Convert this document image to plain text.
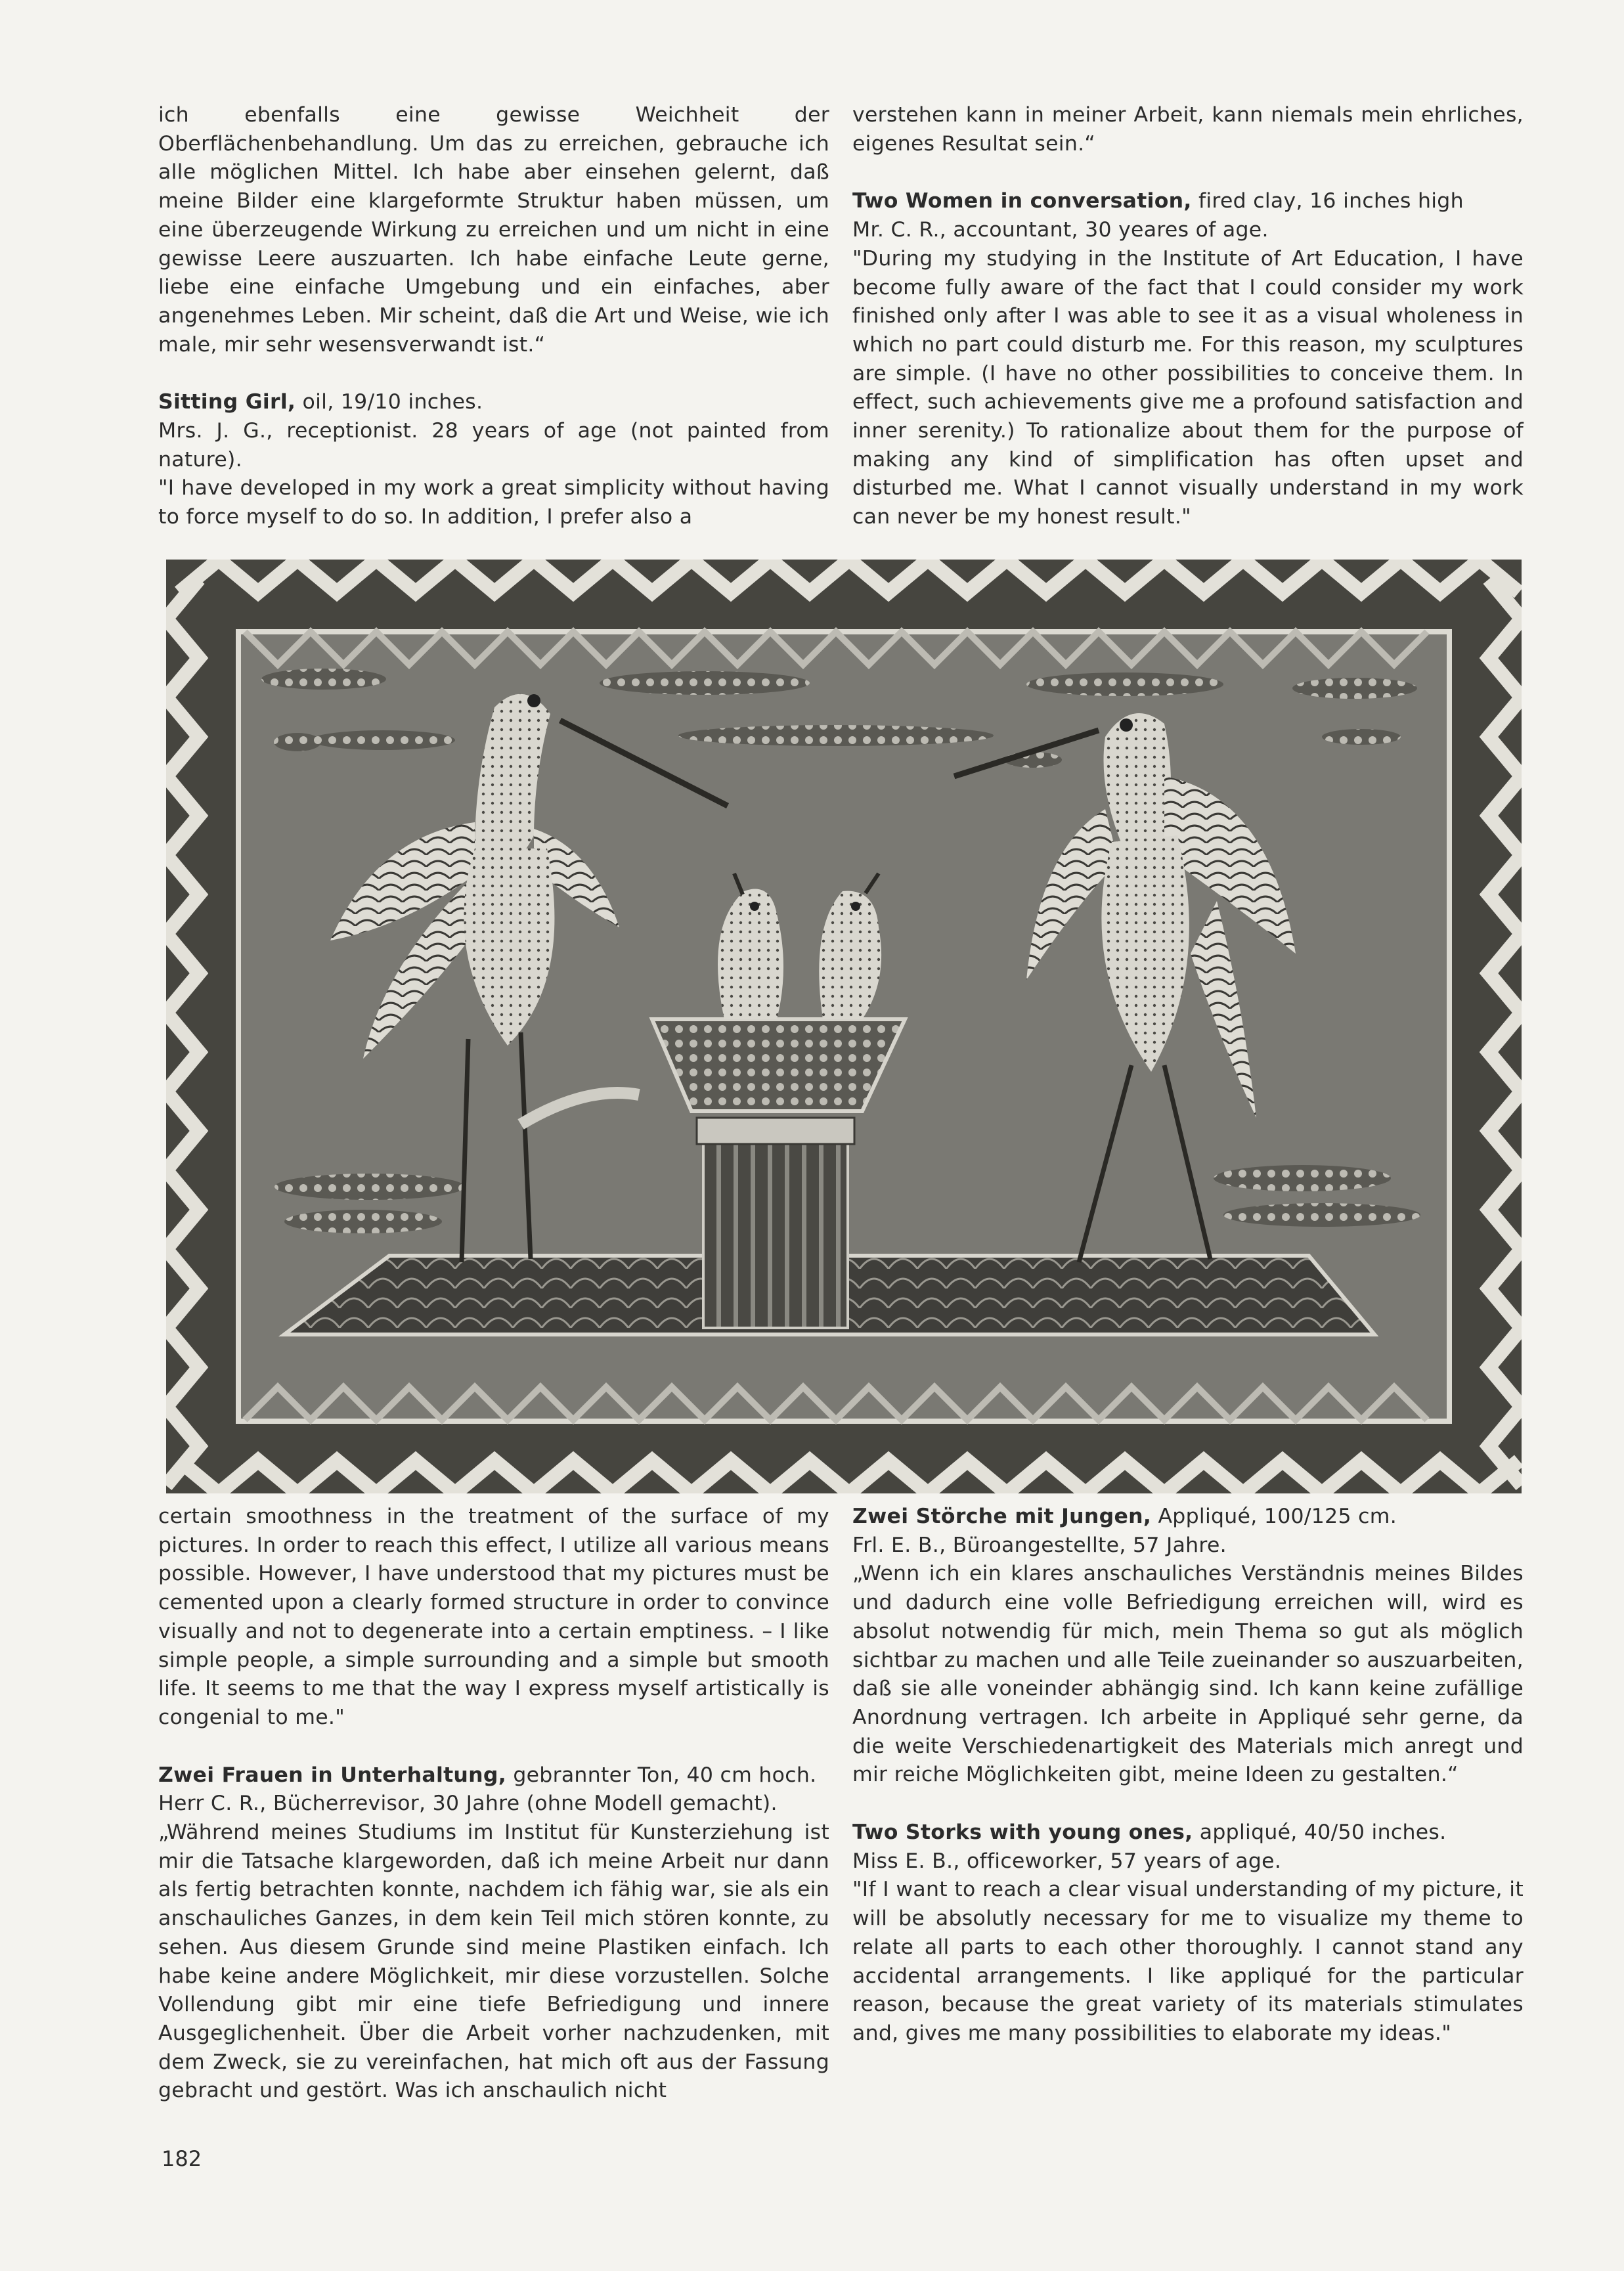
ich ebenfalls eine gewisse Weichheit der Oberflächenbehandlung. Um das zu erreichen, gebrauche ich alle möglichen Mittel. Ich habe aber einsehen gelernt, daß meine Bilder eine klargeformte Struktur haben müssen, um eine überzeugende Wirkung zu erreichen und um nicht in eine gewisse Leere auszuarten. Ich habe einfache Leute gerne, liebe eine einfache Umgebung und ein einfaches, aber angenehmes Leben. Mir scheint, daß die Art und Weise, wie ich male, mir sehr wesensverwandt ist.“

Sitting Girl, oil, 19/10 inches.

Mrs. J. G., receptionist. 28 years of age (not painted from nature).

"I have developed in my work a great simplicity without having to force myself to do so. In addition, I prefer also a

verstehen kann in meiner Arbeit, kann niemals mein ehrliches, eigenes Resultat sein.“

Two Women in conversation, fired clay, 16 inches high

Mr. C. R., accountant, 30 yeares of age.

"During my studying in the Institute of Art Education, I have become fully aware of the fact that I could consider my work finished only after I was able to see it as a visual wholeness in which no part could disturb me. For this reason, my sculptures are simple. (I have no other possibilities to conceive them. In effect, such achievements give me a profound satisfaction and inner serenity.) To rationalize about them for the purpose of making any kind of simplification has often upset and disturbed me. What I cannot visually understand in my work can never be my honest result."

certain smoothness in the treatment of the surface of my pictures. In order to reach this effect, I utilize all various means possible. However, I have understood that my pictures must be cemented upon a clearly formed structure in order to convince visually and not to degenerate into a certain emptiness. – I like simple people, a simple surrounding and a simple but smooth life. It seems to me that the way I express myself artistically is congenial to me."

Zwei Frauen in Unterhaltung, gebrannter Ton, 40 cm hoch.

Herr C. R., Bücherrevisor, 30 Jahre (ohne Modell gemacht).

„Während meines Studiums im Institut für Kunsterziehung ist mir die Tatsache klargeworden, daß ich meine Arbeit nur dann als fertig betrachten konnte, nachdem ich fähig war, sie als ein anschauliches Ganzes, in dem kein Teil mich stören konnte, zu sehen. Aus diesem Grunde sind meine Plastiken einfach. Ich habe keine andere Möglichkeit, mir diese vorzustellen. Solche Vollendung gibt mir eine tiefe Befriedigung und innere Ausgeglichenheit. Über die Arbeit vorher nachzudenken, mit dem Zweck, sie zu vereinfachen, hat mich oft aus der Fassung gebracht und gestört. Was ich anschaulich nicht

Zwei Störche mit Jungen, Appliqué, 100/125 cm.

Frl. E. B., Büroangestellte, 57 Jahre.

„Wenn ich ein klares anschauliches Verständnis meines Bildes und dadurch eine volle Befriedigung erreichen will, wird es absolut notwendig für mich, mein Thema so gut als möglich sichtbar zu machen und alle Teile zueinander so auszuarbeiten, daß sie alle voneinder abhängig sind. Ich kann keine zufällige Anordnung vertragen. Ich arbeite in Appliqué sehr gerne, da die weite Verschiedenartigkeit des Materials mich anregt und mir reiche Möglichkeiten gibt, meine Ideen zu gestalten.“

Two Storks with young ones, appliqué, 40/50 inches.

Miss E. B., officeworker, 57 years of age.

"If I want to reach a clear visual understanding of my picture, it will be absolutly necessary for me to visualize my theme to relate all parts to each other thoroughly. I cannot stand any accidental arrangements. I like appliqué for the particular reason, because the great variety of its materials stimulates and, gives me many possibilities to elaborate my ideas."

182
